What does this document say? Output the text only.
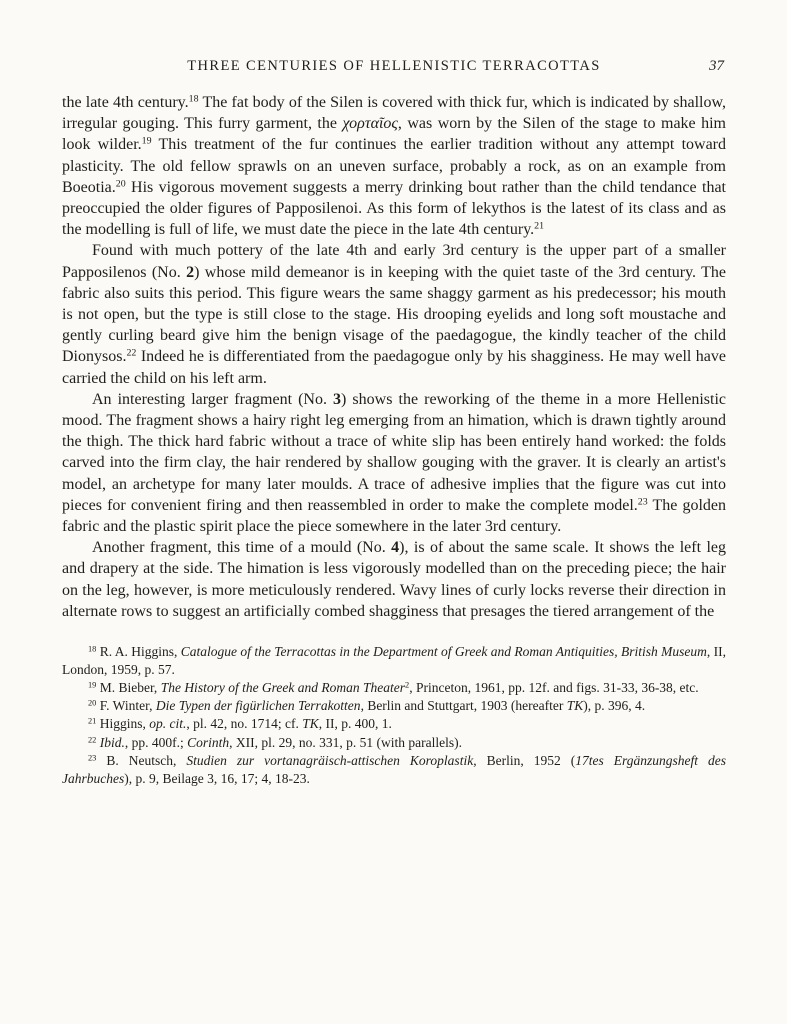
THREE CENTURIES OF HELLENISTIC TERRACOTTAS	37

the late 4th century.$^{18}$ The fat body of the Silen is covered with thick fur, which is indicated by shallow, irregular gouging. This furry garment, the χορταῖος, was worn by the Silen of the stage to make him look wilder.$^{19}$ This treatment of the fur continues the earlier tradition without any attempt toward plasticity. The old fellow sprawls on an uneven surface, probably a rock, as on an example from Boeotia.$^{20}$ His vigorous movement suggests a merry drinking bout rather than the child tendance that preoccupied the older figures of Papposilenoi. As this form of lekythos is the latest of its class and as the modelling is full of life, we must date the piece in the late 4th century.$^{21}$

Found with much pottery of the late 4th and early 3rd century is the upper part of a smaller Papposilenos (No. 2) whose mild demeanor is in keeping with the quiet taste of the 3rd century. The fabric also suits this period. This figure wears the same shaggy garment as his predecessor; his mouth is not open, but the type is still close to the stage. His drooping eyelids and long soft moustache and gently curling beard give him the benign visage of the paedagogue, the kindly teacher of the child Dionysos.$^{22}$ Indeed he is differentiated from the paedagogue only by his shagginess. He may well have carried the child on his left arm.

An interesting larger fragment (No. 3) shows the reworking of the theme in a more Hellenistic mood. The fragment shows a hairy right leg emerging from an himation, which is drawn tightly around the thigh. The thick hard fabric without a trace of white slip has been entirely hand worked: the folds carved into the firm clay, the hair rendered by shallow gouging with the graver. It is clearly an artist's model, an archetype for many later moulds. A trace of adhesive implies that the figure was cut into pieces for convenient firing and then reassembled in order to make the complete model.$^{23}$ The golden fabric and the plastic spirit place the piece somewhere in the later 3rd century.

Another fragment, this time of a mould (No. 4), is of about the same scale. It shows the left leg and drapery at the side. The himation is less vigorously modelled than on the preceding piece; the hair on the leg, however, is more meticulously rendered. Wavy lines of curly locks reverse their direction in alternate rows to suggest an artificially combed shagginess that presages the tiered arrangement of the

$^{18}$ R. A. Higgins, Catalogue of the Terracottas in the Department of Greek and Roman Antiquities, British Museum, II, London, 1959, p. 57.

$^{19}$ M. Bieber, The History of the Greek and Roman Theater$^2$, Princeton, 1961, pp. 12f. and figs. 31-33, 36-38, etc.

$^{20}$ F. Winter, Die Typen der figürlichen Terrakotten, Berlin and Stuttgart, 1903 (hereafter TK), p. 396, 4.

$^{21}$ Higgins, op. cit., pl. 42, no. 1714; cf. TK, II, p. 400, 1.

$^{22}$ Ibid., pp. 400f.; Corinth, XII, pl. 29, no. 331, p. 51 (with parallels).

$^{23}$ B. Neutsch, Studien zur vortanagräisch-attischen Koroplastik, Berlin, 1952 (17tes Ergänzungsheft des Jahrbuches), p. 9, Beilage 3, 16, 17; 4, 18-23.
